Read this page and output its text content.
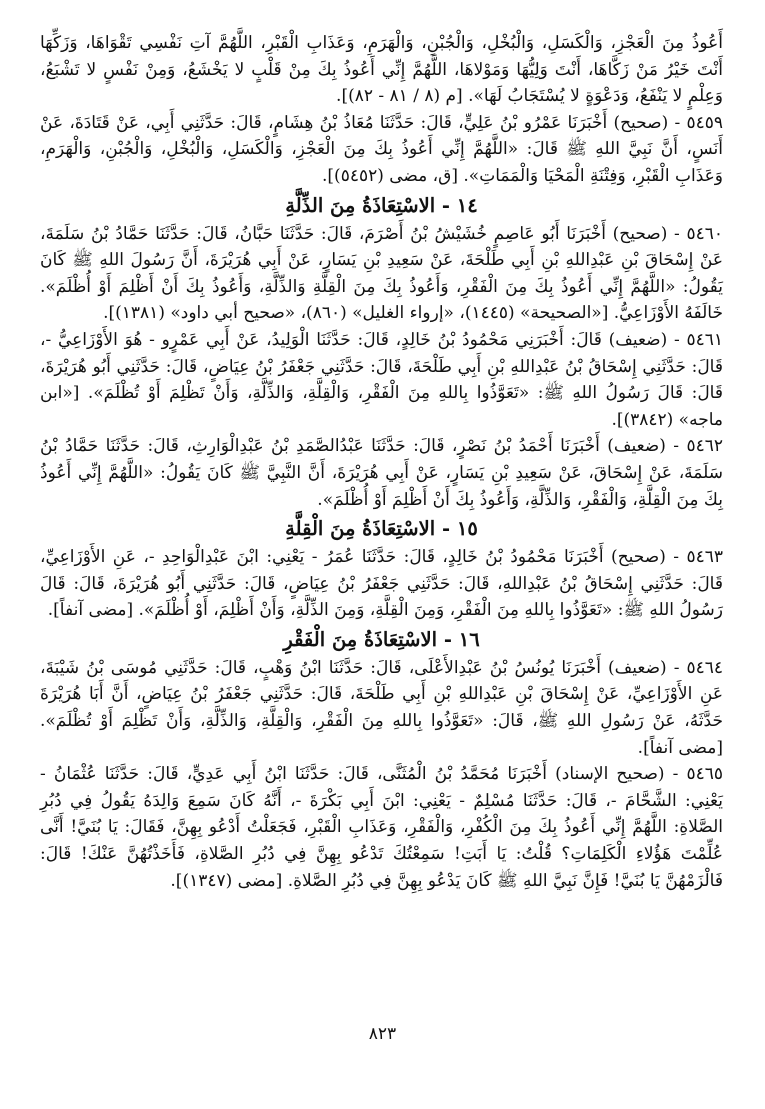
أَعُوذُ مِنَ الْعَجْزِ، وَالْكَسَلِ، وَالْبُخْلِ، وَالْجُبْنِ، وَالْهَرَمِ، وَعَذَابِ الْقَبْرِ، اللَّهُمَّ آتِ نَفْسِي تَقْوَاهَا، وَزَكِّهَا أَنْتَ خَيْرُ مَنْ زَكَّاهَا، أَنْتَ وَلِيُّهَا وَمَوْلاهَا، اللَّهُمَّ إِنِّي أَعُوذُ بِكَ مِنْ قَلْبٍ لا يَخْشَعُ، وَمِنْ نَفْسٍ لا تَشْبَعُ، وَعِلْمٍ لا يَنْفَعُ، وَدَعْوَةٍ لا يُسْتَجَابُ لَهَا». [م (٨ / ٨١ - ٨٢)].

٥٤٥٩ - (صحيح) أَخْبَرَنَا عَمْرُو بْنُ عَلِيٍّ، قَالَ: حَدَّثَنَا مُعَاذُ بْنُ هِشَامٍ، قَالَ: حَدَّثَنِي أَبِي، عَنْ قَتَادَةَ، عَنْ أَنَسٍ، أَنَّ نَبِيَّ اللهِ ﷺ قَالَ: «اللَّهُمَّ إِنِّي أَعُوذُ بِكَ مِنَ الْعَجْزِ، وَالْكَسَلِ، وَالْبُخْلِ، وَالْجُبْنِ، وَالْهَرَمِ، وَعَذَابِ الْقَبْرِ، وَفِتْنَةِ الْمَحْيَا وَالْمَمَاتِ». [ق، مضى (٥٤٥٢)].

١٤ - الاسْتِعَاذَةُ مِنَ الذِّلَّةِ

٥٤٦٠ - (صحيح) أَخْبَرَنَا أَبُو عَاصِمٍ خُشَيْشُ بْنُ أَصْرَمَ، قَالَ: حَدَّثَنَا حَبَّانُ، قَالَ: حَدَّثَنَا حَمَّادُ بْنُ سَلَمَةَ، عَنْ إِسْحَاقَ بْنِ عَبْدِاللهِ بْنِ أَبِي طَلْحَةَ، عَنْ سَعِيدِ بْنِ يَسَارٍ، عَنْ أَبِي هُرَيْرَةَ، أَنَّ رَسُولَ اللهِ ﷺ كَانَ يَقُولُ: «اللَّهُمَّ إِنِّي أَعُوذُ بِكَ مِنَ الْفَقْرِ، وَأَعُوذُ بِكَ مِنَ الْقِلَّةِ وَالذِّلَّةِ، وَأَعُوذُ بِكَ أَنْ أَظْلِمَ أَوْ أُظْلَمَ». خَالَفَهُ الأَوْزَاعِيُّ. [«الصحيحة» (١٤٤٥)، «إرواء الغليل» (٨٦٠)، «صحيح أبي داود» (١٣٨١)].

٥٤٦١ - (ضعيف) قَالَ: أَخْبَرَنِي مَحْمُودُ بْنُ خَالِدٍ، قَالَ: حَدَّثَنَا الْوَلِيدُ، عَنْ أَبِي عَمْرٍو - هُوَ الأَوْزَاعِيُّ -، قَالَ: حَدَّثَنِي إِسْحَاقُ بْنُ عَبْدِاللهِ بْنِ أَبِي طَلْحَةَ، قَالَ: حَدَّثَنِي جَعْفَرُ بْنُ عِيَاضٍ، قَالَ: حَدَّثَنِي أَبُو هُرَيْرَةَ، قَالَ: قَالَ رَسُولُ اللهِ ﷺ: «تَعَوَّذُوا بِاللهِ مِنَ الْفَقْرِ، وَالْقِلَّةِ، وَالذِّلَّةِ، وَأَنْ تَظْلِمَ أَوْ تُظْلَمَ». [«ابن ماجه» (٣٨٤٢)].

٥٤٦٢ - (ضعيف) أَخْبَرَنَا أَحْمَدُ بْنُ نَصْرٍ، قَالَ: حَدَّثَنَا عَبْدُالصَّمَدِ بْنُ عَبْدِالْوَارِثِ، قَالَ: حَدَّثَنَا حَمَّادُ بْنُ سَلَمَةَ، عَنْ إِسْحَاقَ، عَنْ سَعِيدِ بْنِ يَسَارٍ، عَنْ أَبِي هُرَيْرَةَ، أَنَّ النَّبِيَّ ﷺ كَانَ يَقُولُ: «اللَّهُمَّ إِنِّي أَعُوذُ بِكَ مِنَ الْقِلَّةِ، وَالْفَقْرِ، وَالذِّلَّةِ، وَأَعُوذُ بِكَ أَنْ أَظْلِمَ أَوْ أُظْلَمَ».

١٥ - الاسْتِعَاذَةُ مِنَ الْقِلَّةِ

٥٤٦٣ - (صحيح) أَخْبَرَنَا مَحْمُودُ بْنُ خَالِدٍ، قَالَ: حَدَّثَنَا عُمَرُ - يَعْنِي: ابْنَ عَبْدِالْوَاحِدِ -، عَنِ الأَوْزَاعِيِّ، قَالَ: حَدَّثَنِي إِسْحَاقُ بْنُ عَبْدِاللهِ، قَالَ: حَدَّثَنِي جَعْفَرُ بْنُ عِيَاضٍ، قَالَ: حَدَّثَنِي أَبُو هُرَيْرَةَ، قَالَ: قَالَ رَسُولُ اللهِ ﷺ: «تَعَوَّذُوا بِاللهِ مِنَ الْفَقْرِ، وَمِنَ الْقِلَّةِ، وَمِنَ الذِّلَّةِ، وَأَنْ أَظْلِمَ، أَوْ أُظْلَمَ». [مضى آنفاً].

١٦ - الاسْتِعَاذَةُ مِنَ الْفَقْرِ

٥٤٦٤ - (ضعيف) أَخْبَرَنَا يُونُسُ بْنُ عَبْدِالأَعْلَى، قَالَ: حَدَّثَنَا ابْنُ وَهْبٍ، قَالَ: حَدَّثَنِي مُوسَى بْنُ شَيْبَةَ، عَنِ الأَوْزَاعِيِّ، عَنْ إِسْحَاقَ بْنِ عَبْدِاللهِ بْنِ أَبِي طَلْحَةَ، قَالَ: حَدَّثَنِي جَعْفَرُ بْنُ عِيَاضٍ، أَنَّ أَبَا هُرَيْرَةَ حَدَّثَهُ، عَنْ رَسُولِ اللهِ ﷺ، قَالَ: «تَعَوَّذُوا بِاللهِ مِنَ الْفَقْرِ، وَالْقِلَّةِ، وَالذِّلَّةِ، وَأَنْ تَظْلِمَ أَوْ تُظْلَمَ». [مضى آنفاً].

٥٤٦٥ - (صحيح الإسناد) أَخْبَرَنَا مُحَمَّدُ بْنُ الْمُثَنَّى، قَالَ: حَدَّثَنَا ابْنُ أَبِي عَدِيٍّ، قَالَ: حَدَّثَنَا عُثْمَانُ - يَعْنِي: الشَّحَّامَ -، قَالَ: حَدَّثَنَا مُسْلِمٌ - يَعْنِي: ابْنَ أَبِي بَكْرَةَ -، أَنَّهُ كَانَ سَمِعَ وَالِدَهُ يَقُولُ فِي دُبُرِ الصَّلاةِ: اللَّهُمَّ إِنِّي أَعُوذُ بِكَ مِنَ الْكُفْرِ، وَالْفَقْرِ، وَعَذَابِ الْقَبْرِ، فَجَعَلْتُ أَدْعُو بِهِنَّ، فَقَالَ: يَا بُنَيَّ! أَنَّى عُلِّمْتَ هَؤُلاءِ الْكَلِمَاتِ؟ قُلْتُ: يَا أَبَتِ! سَمِعْتُكَ تَدْعُو بِهِنَّ فِي دُبُرِ الصَّلاةِ، فَأَخَذْتُهُنَّ عَنْكَ! قَالَ: فَالْزَمْهُنَّ يَا بُنَيَّ! فَإِنَّ نَبِيَّ اللهِ ﷺ كَانَ يَدْعُو بِهِنَّ فِي دُبُرِ الصَّلاةِ. [مضى (١٣٤٧)].

٨٢٣
